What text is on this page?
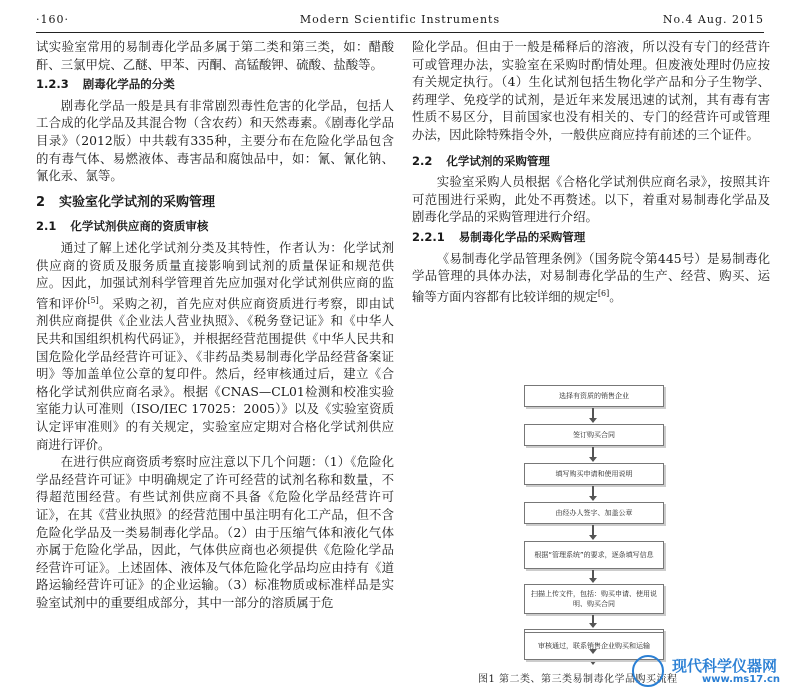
·160·	Modern Scientific Instruments	No.4 Aug. 2015

试实验室常用的易制毒化学品多属于第二类和第三类，如：醋酸酐、三氯甲烷、乙醚、甲苯、丙酮、高锰酸钾、硫酸、盐酸等。

1.2.3 剧毒化学品的分类

剧毒化学品一般是具有非常剧烈毒性危害的化学品，包括人工合成的化学品及其混合物（含农药）和天然毒素。《剧毒化学品目录》（2012版）中共载有335种，主要分布在危险化学品包含的有毒气体、易燃液体、毒害品和腐蚀品中，如：氰、氰化钠、氰化汞、氯等。

2 实验室化学试剂的采购管理
2.1 化学试剂供应商的资质审核

通过了解上述化学试剂分类及其特性，作者认为：化学试剂供应商的资质及服务质量直接影响到试剂的质量保证和规范供应。因此，加强试剂科学管理首先应加强对化学试剂供应商的监管和评价[5]。采购之初，首先应对供应商资质进行考察，即由试剂供应商提供《企业法人营业执照》、《税务登记证》和《中华人民共和国组织机构代码证》，并根据经营范围提供《中华人民共和国危险化学品经营许可证》、《非药品类易制毒化学品经营备案证明》等加盖单位公章的复印件。然后，经审核通过后，建立《合格化学试剂供应商名录》。根据《CNAS—CL01检测和校准实验室能力认可准则（ISO/IEC 17025：2005）》以及《实验室资质认定评审准则》的有关规定，实验室应定期对合格化学试剂供应商进行评价。

在进行供应商资质考察时应注意以下几个问题：（1）《危险化学品经营许可证》中明确规定了许可经营的试剂名称和数量，不得超范围经营。有些试剂供应商不具备《危险化学品经营许可证》，在其《营业执照》的经营范围中虽注明有化工产品，但不含危险化学品及一类易制毒化学品。（2）由于压缩气体和液化气体亦属于危险化学品，因此，气体供应商也必须提供《危险化学品经营许可证》。上述固体、液体及气体危险化学品均应由持有《道路运输经营许可证》的企业运输。（3）标准物质或标准样品是实验室试剂中的重要组成部分，其中一部分的溶质属于危

险化学品。但由于一般是稀释后的溶液，所以没有专门的经营许可或管理办法，实验室在采购时酌情处理。但废液处理时仍应按有关规定执行。（4）生化试剂包括生物化学产品和分子生物学、药理学、免疫学的试剂，是近年来发展迅速的试剂，其有毒有害性质不易区分，目前国家也没有相关的、专门的经营许可或管理办法，因此除特殊指令外，一般供应商应持有前述的三个证件。

2.2 化学试剂的采购管理

实验室采购人员根据《合格化学试剂供应商名录》，按照其许可范围进行采购，此处不再赘述。以下，着重对易制毒化学品及剧毒化学品的采购管理进行介绍。

2.2.1 易制毒化学品的采购管理

《易制毒化学品管理条例》（国务院令第445号）是易制毒化学品管理的具体办法，对易制毒化学品的生产、经营、购买、运输等方面内容都有比较详细的规定[6]。

选择有资质的销售企业
签订购买合同
填写购买申请和使用说明
由经办人签字、加盖公章
根据“管理系统”的要求，逐条填写信息
扫描上传文件，包括：购买申请、使用说明、购买合同
审核通过，联系销售企业购买和运输
图1 第二类、第三类易制毒化学品购买流程
现代科学仪器网
www.ms17.cn
